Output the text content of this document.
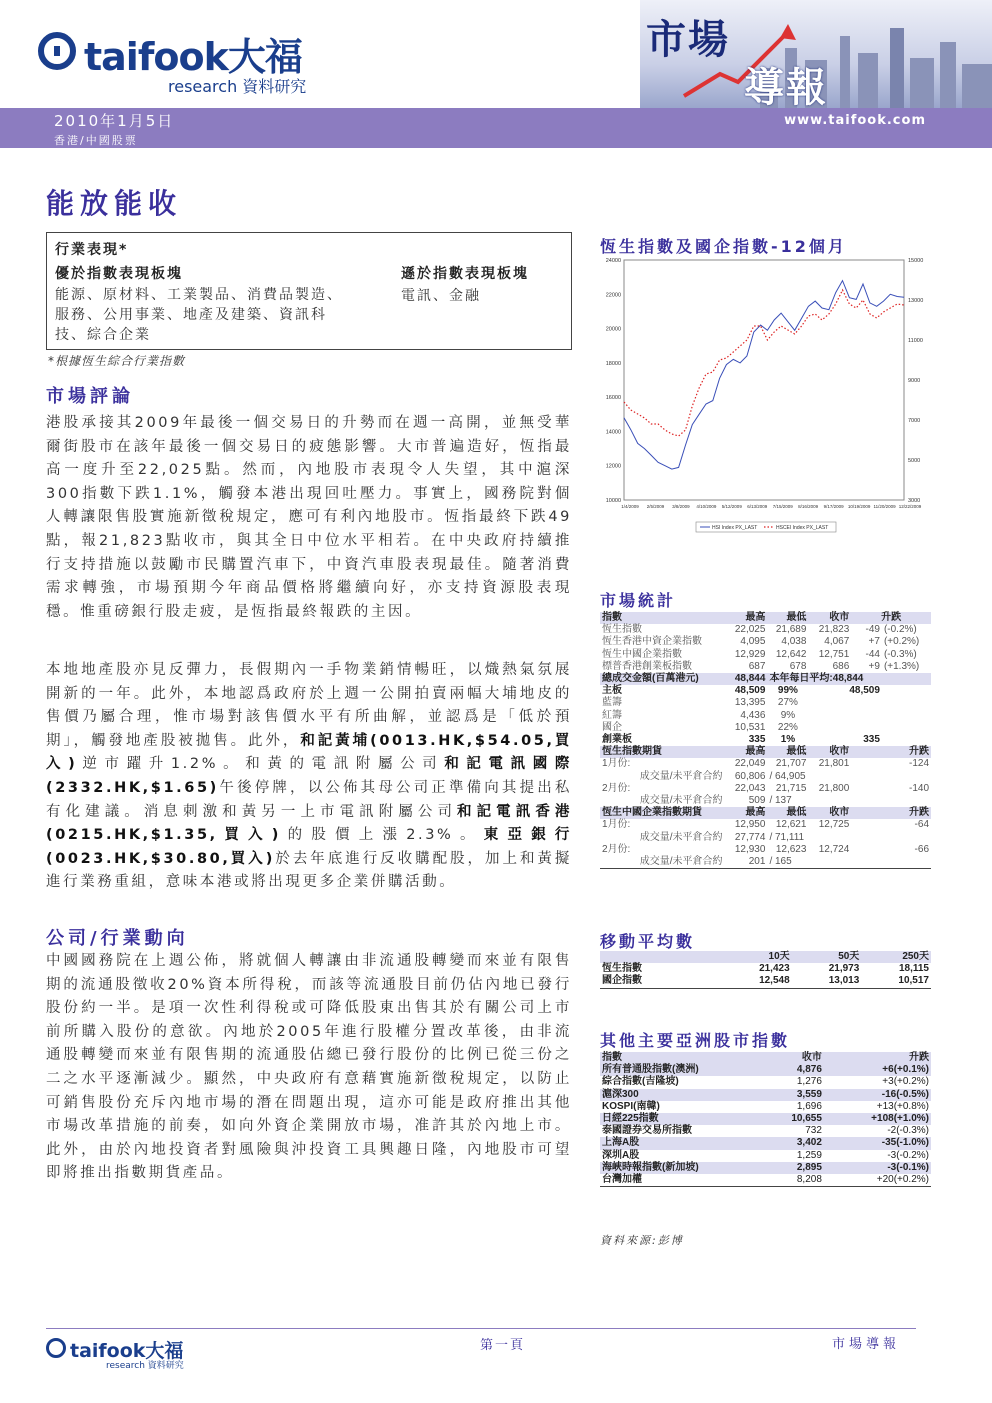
taifook大福
research 資料研究
市場
導報
2010年1月5日
香港/中國股票
www.taifook.com
能放能收
行業表現*
優於指數表現板塊
能源、原材料、工業製品、消費品製造、服務、公用事業、地產及建築、資訊科技、綜合企業
遜於指數表現板塊
電訊、金融
*根據恆生綜合行業指數
市場評論
港股承接其2009年最後一個交易日的升勢而在週一高開，並無受華爾街股市在該年最後一個交易日的疲態影響。大市普遍造好，恆指最高一度升至22,025點。然而，內地股市表現令人失望，其中滬深300指數下跌1.1%，觸發本港出現回吐壓力。事實上，國務院對個人轉讓限售股實施新徵稅規定，應可有利內地股市。恆指最終下跌49點，報21,823點收市，與其全日中位水平相若。在中央政府持續推行支持措施以鼓勵市民購置汽車下，中資汽車股表現最佳。隨著消費需求轉強，市場預期今年商品價格將繼續向好，亦支持資源股表現穩。惟重磅銀行股走疲，是恆指最終報跌的主因。
本地地產股亦見反彈力，長假期內一手物業銷情暢旺，以熾熱氣氛展開新的一年。此外，本地認爲政府於上週一公開拍賣兩幅大埔地皮的售價乃屬合理，惟市場對該售價水平有所曲解，並認爲是「低於預期」，觸發地產股被拋售。此外，和記黃埔(0013.HK,$54.05,買入)逆市躍升1.2%。和黃的電訊附屬公司和記電訊國際(2332.HK,$1.65)午後停牌，以公佈其母公司正準備向其提出私有化建議。消息刺激和黃另一上市電訊附屬公司和記電訊香港(0215.HK,$1.35,買入)的股價上漲2.3%。東亞銀行(0023.HK,$30.80,買入)於去年底進行反收購配股，加上和黃擬進行業務重組，意味本港或將出現更多企業併購活動。
公司/行業動向
中國國務院在上週公佈，將就個人轉讓由非流通股轉變而來並有限售期的流通股徵收20%資本所得稅，而該等流通股目前仍佔內地已發行股份約一半。是項一次性利得稅或可降低股東出售其於有關公司上市前所購入股份的意欲。內地於2005年進行股權分置改革後，由非流通股轉變而來並有限售期的流通股佔總已發行股份的比例已從三份之二之水平逐漸減少。顯然，中央政府有意藉實施新徵稅規定，以防止可銷售股份充斥內地市場的潛在問題出現，這亦可能是政府推出其他市場改革措施的前奏，如向外資企業開放市場，准許其於內地上市。此外，由於內地投資者對風險與沖投資工具興趣日隆，內地股市可望即將推出指數期貨產品。
恆生指數及國企指數-12個月
10000
12000
14000
16000
18000
20000
22000
24000
3000
5000
7000
9000
11000
13000
15000
1/4/2009 2/5/2009 3/8/2009 4/10/2009 5/12/2009 6/13/2009 7/15/2009 8/16/2009 9/17/2009 10/19/2009 11/20/2009 12/22/2009
HSI Index PX_LAST	HSCEI Index PX_LAST
市場統計
指數	最高	最低	收市	升跌	
恆生指數	22,025	21,689	21,823	-49	(-0.2%)
恆生香港中資企業指數	4,095	4,038	4,067	+7	(+0.2%)
恆生中國企業指數	12,929	12,642	12,751	-44	(-0.3%)
標普香港創業板指數	687	678	686	+9	(+1.3%)
總成交金額(百萬港元)	48,844	本年每日平均:48,844			
主板	48,509	99%	48,509		
藍籌	13,395	27%			
紅籌	4,436	9%			
國企	10,531	22%			
創業板	335	1%	335		
恆生指數期貨	最高	最低	收市	升跌	
1月份:	22,049	21,707	21,801	-124	
成交量/未平倉合約	60,806	/ 64,905			
2月份:	22,043	21,715	21,800	-140	
成交量/未平倉合約	509	/ 137			
恆生中國企業指數期貨	最高	最低	收市	升跌	
1月份:	12,950	12,621	12,725	-64	
成交量/未平倉合約	27,774	/ 71,111			
2月份:	12,930	12,623	12,724	-66	
成交量/未平倉合約	201	/ 165			
移動平均數
	10天	50天	250天
恆生指數	21,423	21,973	18,115
國企指數	12,548	13,013	10,517
其他主要亞洲股市指數
指數	收市	升跌
所有普通股指數(澳洲)	4,876	+6(+0.1%)
綜合指數(吉隆坡)	1,276	+3(+0.2%)
滬深300	3,559	-16(-0.5%)
KOSPI(南韓)	1,696	+13(+0.8%)
日經225指數	10,655	+108(+1.0%)
泰國證券交易所指數	732	-2(-0.3%)
上海A股	3,402	-35(-1.0%)
深圳A股	1,259	-3(-0.2%)
海峽時報指數(新加坡)	2,895	-3(-0.1%)
台灣加權	8,208	+20(+0.2%)
資料來源:彭博
taifook大福
research 資料研究
第一頁	市場導報
